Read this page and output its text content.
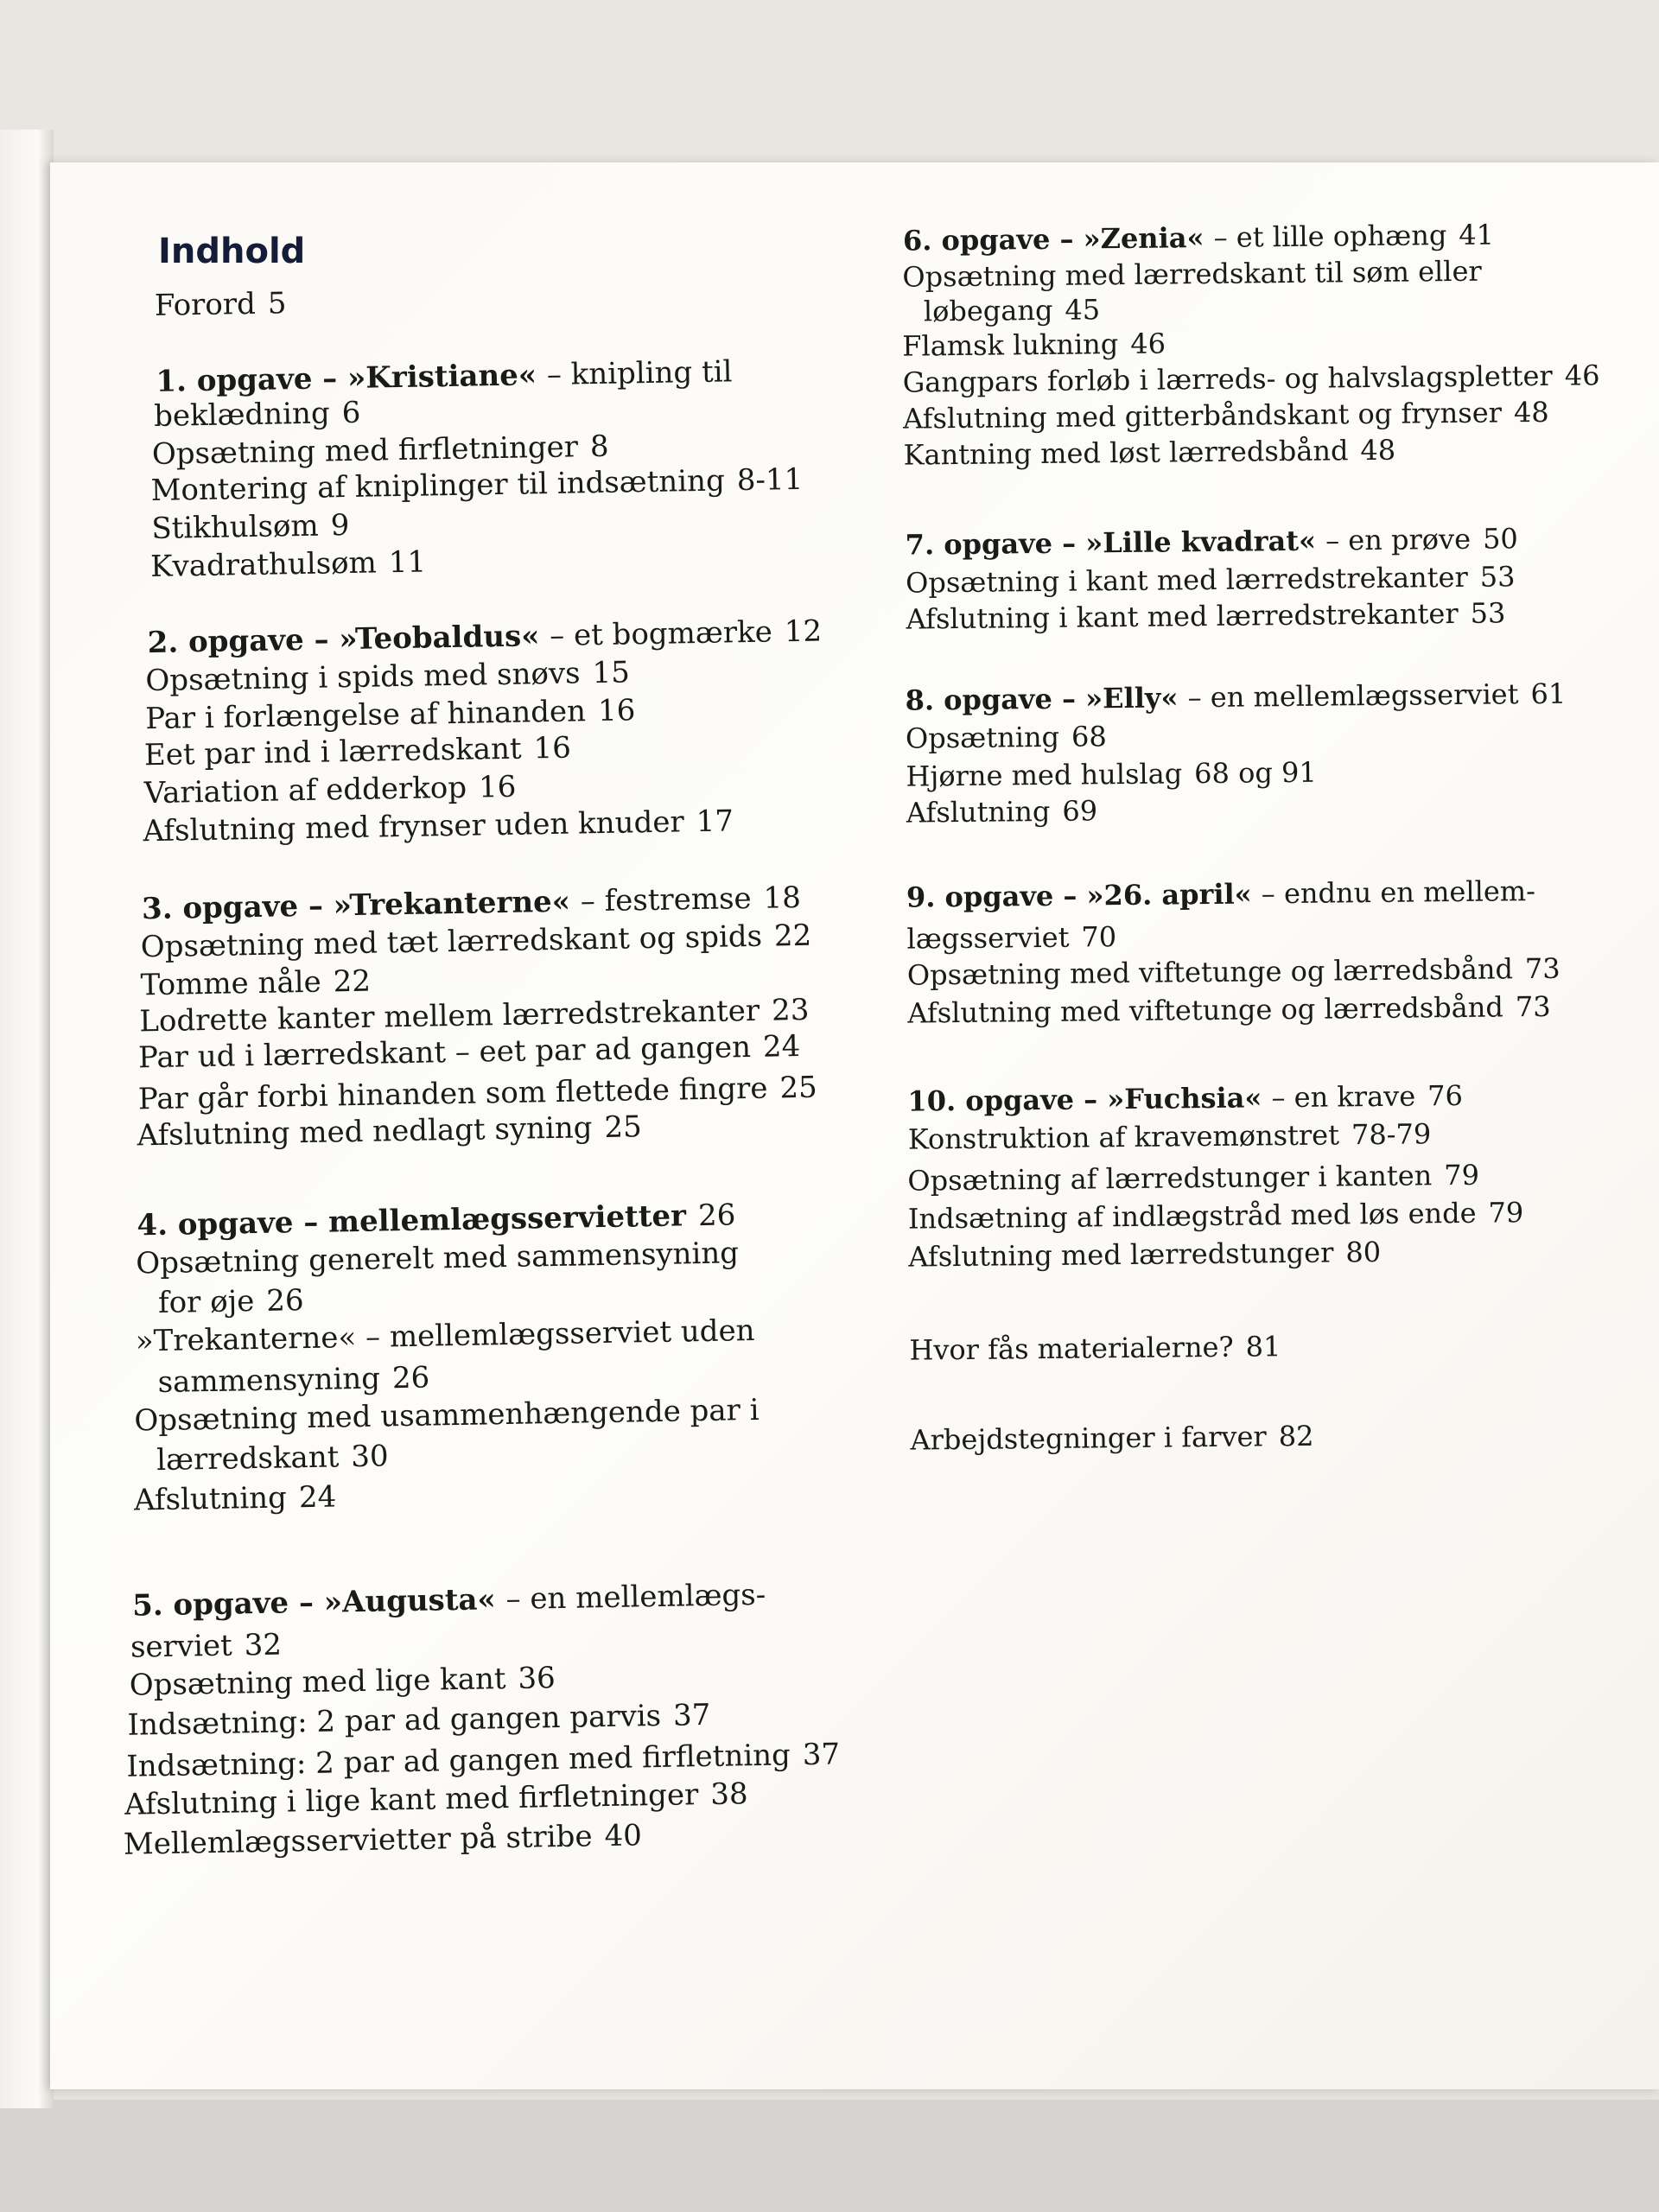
Indhold

Forord 5

1. opgave – »Kristiane« – knipling til

beklædning 6

Opsætning med firfletninger 8

Montering af kniplinger til indsætning 8-11

Stikhulsøm 9

Kvadrathulsøm 11

2. opgave – »Teobaldus« – et bogmærke 12

Opsætning i spids med snøvs 15

Par i forlængelse af hinanden 16

Eet par ind i lærredskant 16

Variation af edderkop 16

Afslutning med frynser uden knuder 17

3. opgave – »Trekanterne« – festremse 18

Opsætning med tæt lærredskant og spids 22

Tomme nåle 22

Lodrette kanter mellem lærredstrekanter 23

Par ud i lærredskant – eet par ad gangen 24

Par går forbi hinanden som flettede fingre 25

Afslutning med nedlagt syning 25

4. opgave – mellemlægsservietter 26

Opsætning generelt med sammensyning

for øje 26

»Trekanterne« – mellemlægsserviet uden

sammensyning 26

Opsætning med usammenhængende par i

lærredskant 30

Afslutning 24

5. opgave – »Augusta« – en mellemlægs-

serviet 32

Opsætning med lige kant 36

Indsætning: 2 par ad gangen parvis 37

Indsætning: 2 par ad gangen med firfletning 37

Afslutning i lige kant med firfletninger 38

Mellemlægsservietter på stribe 40

6. opgave – »Zenia« – et lille ophæng 41

Opsætning med lærredskant til søm eller

løbegang 45

Flamsk lukning 46

Gangpars forløb i lærreds- og halvslagspletter 46

Afslutning med gitterbåndskant og frynser 48

Kantning med løst lærredsbånd 48

7. opgave – »Lille kvadrat« – en prøve 50

Opsætning i kant med lærredstrekanter 53

Afslutning i kant med lærredstrekanter 53

8. opgave – »Elly« – en mellemlægsserviet 61

Opsætning 68

Hjørne med hulslag 68 og 91

Afslutning 69

9. opgave – »26. april« – endnu en mellem-

lægsserviet 70

Opsætning med viftetunge og lærredsbånd 73

Afslutning med viftetunge og lærredsbånd 73

10. opgave – »Fuchsia« – en krave 76

Konstruktion af kravemønstret 78-79

Opsætning af lærredstunger i kanten 79

Indsætning af indlægstråd med løs ende 79

Afslutning med lærredstunger 80

Hvor fås materialerne? 81

Arbejdstegninger i farver 82
